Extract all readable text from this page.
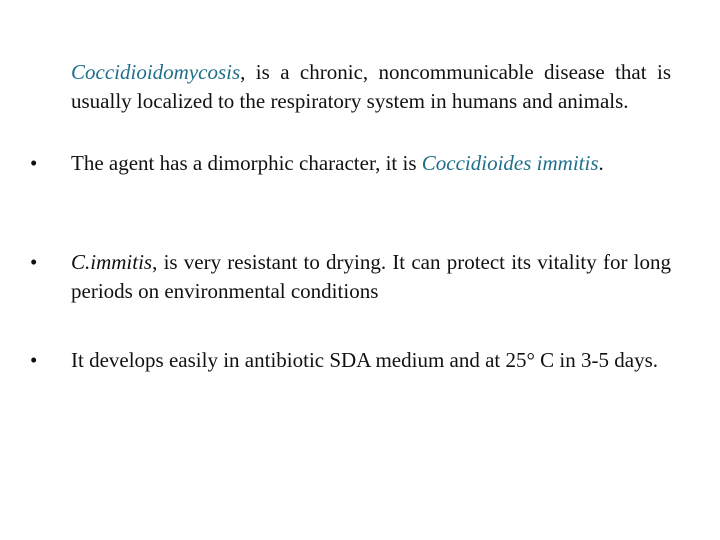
Coccidioidomycosis, is a chronic, noncommunicable disease that is usually localized to the respiratory system in humans and animals.
• The agent has a dimorphic character, it is Coccidioides immitis.
• C.immitis, is very resistant to drying. It can protect its vitality for long periods on environmental conditions
• It develops easily in antibiotic SDA medium and at 25° C in 3-5 days.
